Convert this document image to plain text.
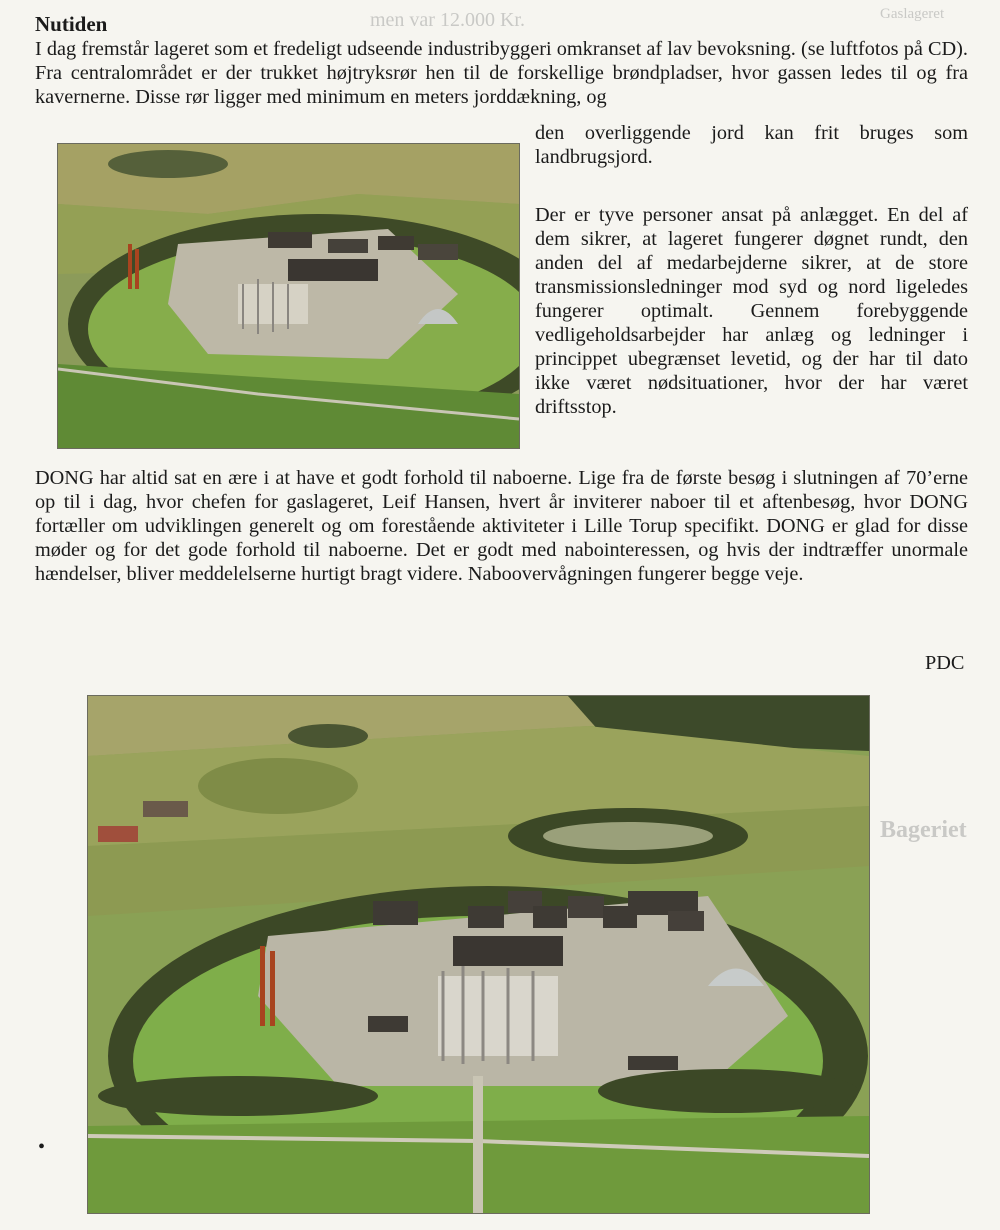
men var 12.000 Kr.
Bageriet
Gaslageret
Nutiden

I dag fremstår lageret som et fredeligt udseende industribyggeri omkranset af lav bevoksning. (se luftfotos på CD). Fra centralområdet er der trukket højtryksrør hen til de forskellige brøndpladser, hvor gassen ledes til og fra kavernerne. Disse rør ligger med minimum en meters jorddækning, og

den overliggende jord kan frit bruges som landbrugsjord.

Der er tyve personer ansat på anlægget. En del af dem sikrer, at lageret fungerer døgnet rundt, den anden del af medarbejderne sikrer, at de store transmissionsledninger mod syd og nord ligeledes fungerer optimalt. Gennem forebyggende vedligeholdsarbejder har anlæg og ledninger i princippet ubegrænset levetid, og der har til dato ikke været nødsituationer, hvor der har været driftsstop.

DONG har altid sat en ære i at have et godt forhold til naboerne. Lige fra de første besøg i slutningen af 70’erne op til i dag, hvor chefen for gaslageret, Leif Hansen, hvert år inviterer naboer til et aftenbesøg, hvor DONG fortæller om udviklingen generelt og om forestående aktiviteter i Lille Torup specifikt. DONG er glad for disse møder og for det gode forhold til naboerne. Det er godt med nabointeressen, og hvis der indtræffer unormale hændelser, bliver meddelelserne hurtigt bragt videre. Naboovervågningen fungerer begge veje.

PDC
•
